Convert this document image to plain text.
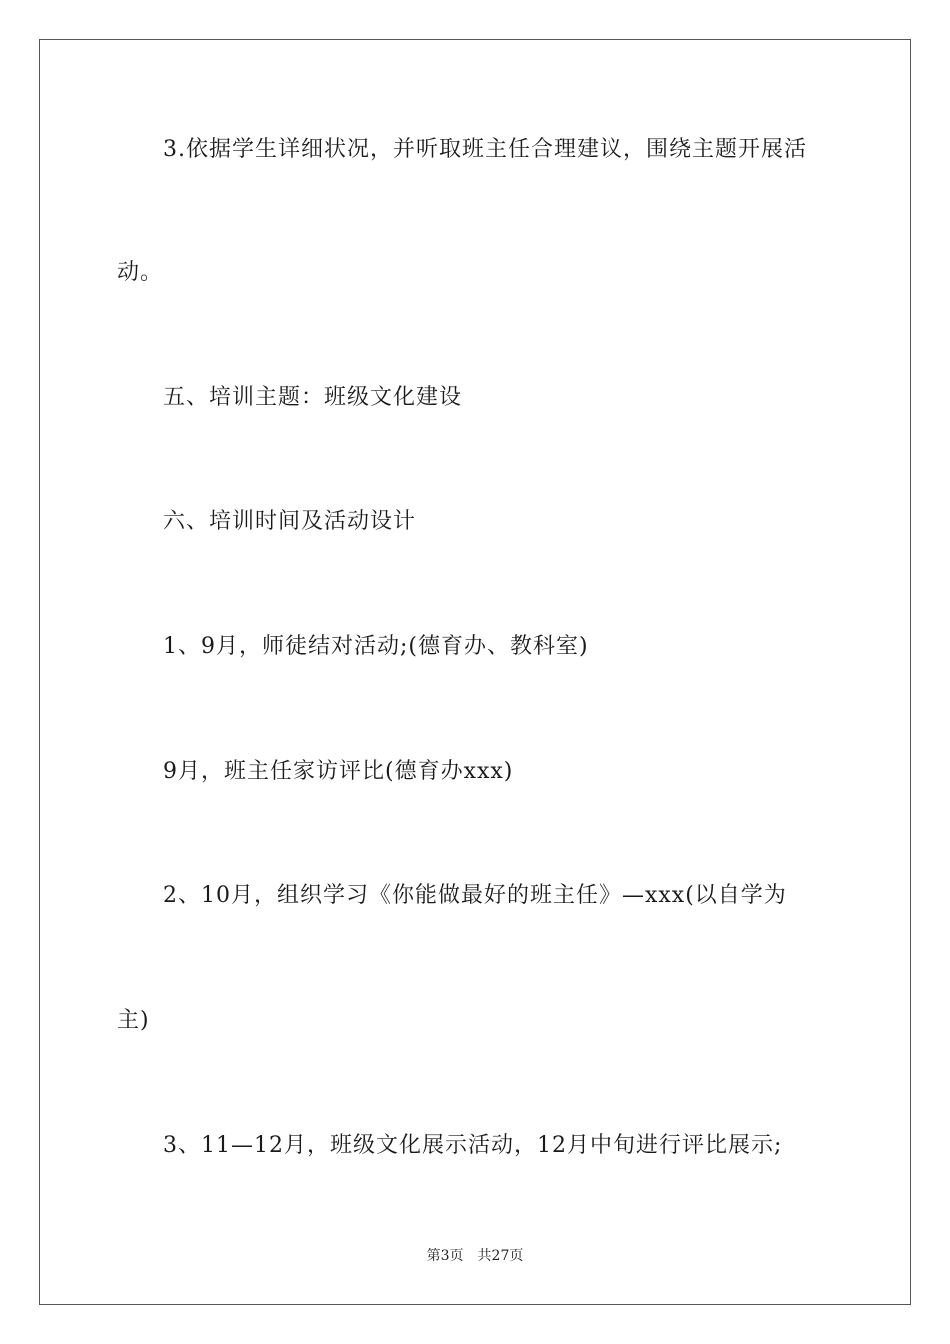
3.依据学生详细状况，并听取班主任合理建议，围绕主题开展活
动。
五、培训主题：班级文化建设
六、培训时间及活动设计
1、9月，师徒结对活动;(德育办、教科室)
9月，班主任家访评比(德育办xxx)
2、10月，组织学习《你能做最好的班主任》—xxx(以自学为
主)
3、11—12月，班级文化展示活动，12月中旬进行评比展示;
第3页 共27页
